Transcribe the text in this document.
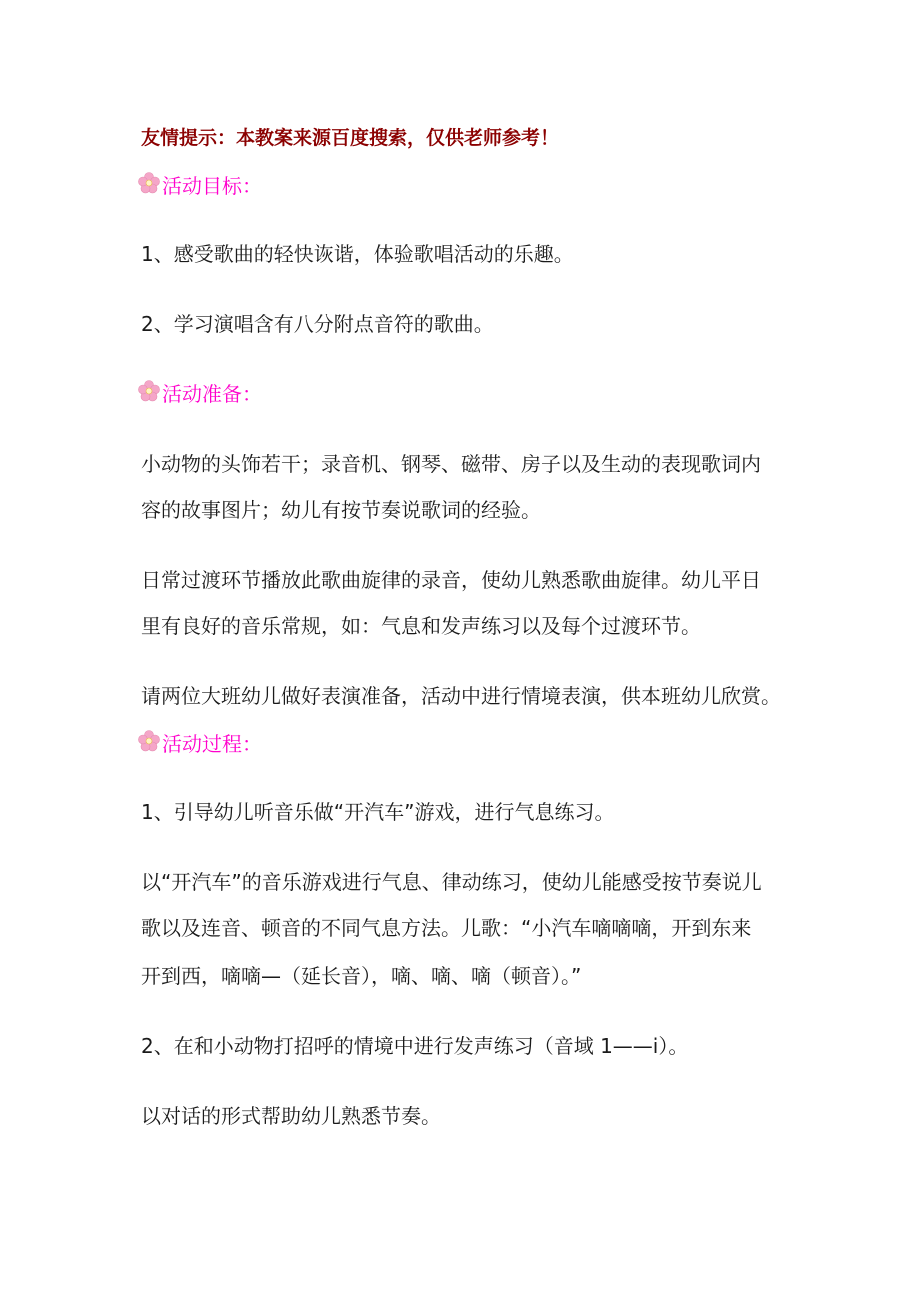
友情提示：本教案来源百度搜索，仅供老师参考！
活动目标：
1、感受歌曲的轻快诙谐，体验歌唱活动的乐趣。
2、学习演唱含有八分附点音符的歌曲。
活动准备：
小动物的头饰若干；录音机、钢琴、磁带、房子以及生动的表现歌词内
容的故事图片；幼儿有按节奏说歌词的经验。
日常过渡环节播放此歌曲旋律的录音，使幼儿熟悉歌曲旋律。幼儿平日
里有良好的音乐常规，如：气息和发声练习以及每个过渡环节。
请两位大班幼儿做好表演准备，活动中进行情境表演，供本班幼儿欣赏。
活动过程：
1、引导幼儿听音乐做“开汽车”游戏，进行气息练习。
以“开汽车”的音乐游戏进行气息、律动练习，使幼儿能感受按节奏说儿
歌以及连音、顿音的不同气息方法。儿歌：“小汽车嘀嘀嘀，开到东来
开到西，嘀嘀—（延长音），嘀、嘀、嘀（顿音）。”
2、在和小动物打招呼的情境中进行发声练习（音域 1——i）。
以对话的形式帮助幼儿熟悉节奏。
